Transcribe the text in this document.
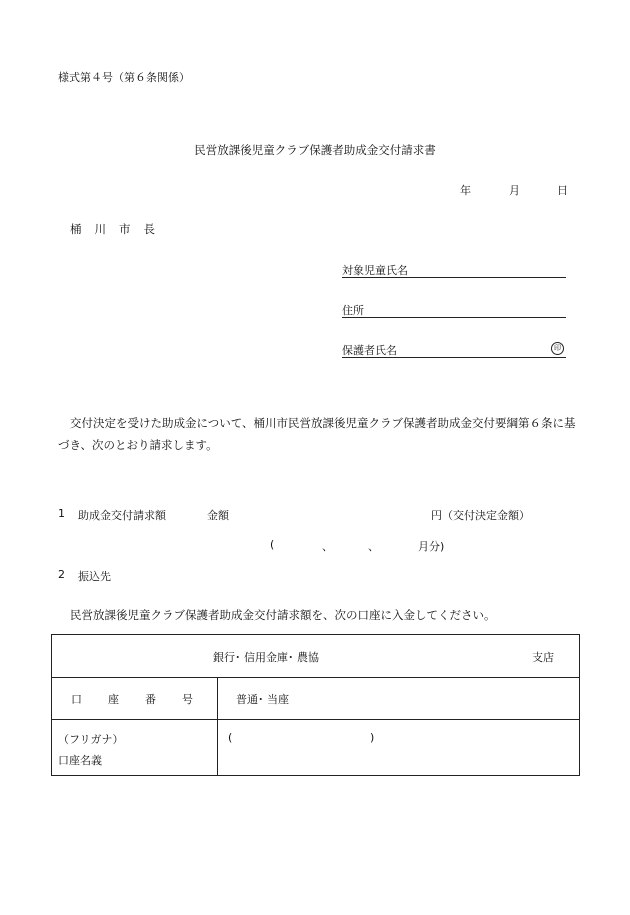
様式第４号（第６条関係）
民営放課後児童クラブ保護者助成金交付請求書
年	月	日
桶川市長
対象児童氏名
住所
保護者氏名	印
交付決定を受けた助成金について、桶川市民営放課後児童クラブ保護者助成金交付要綱第６条に基づき、次のとおり請求します。
1 助成金交付請求額	金額	円（交付決定金額）
(	、	、	月分)
2 振込先
民営放課後児童クラブ保護者助成金交付請求額を、次の口座に入金してください。
銀行･ 信用金庫･ 農協 支店	

口座番号	普通･ 当座

（フリガナ）
口座名義	( )
